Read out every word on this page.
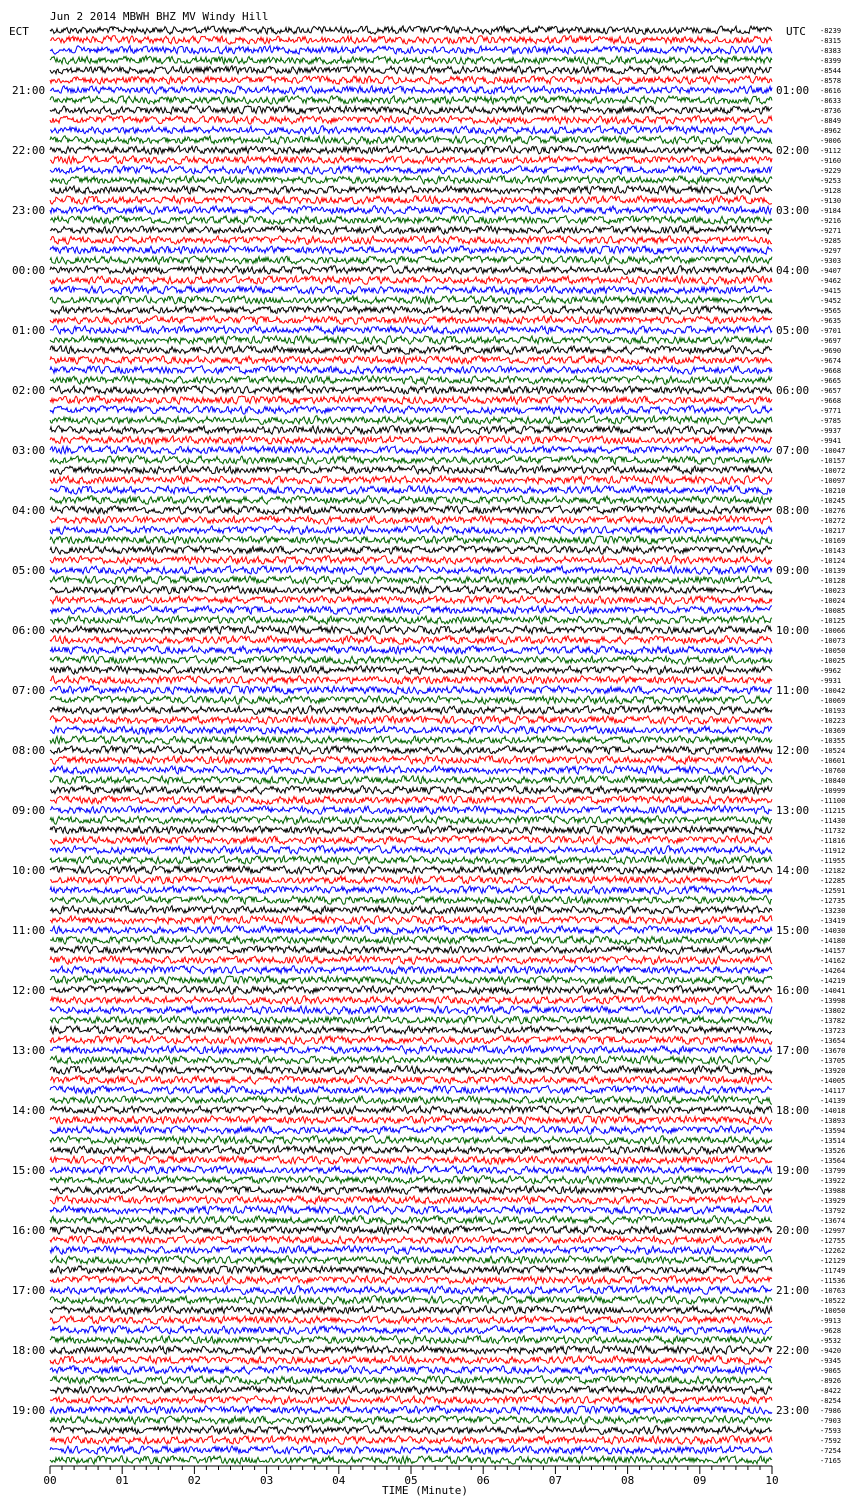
Jun 2 2014 MBWH BHZ MV Windy Hill
ECT	UTC
21:00
22:00
23:00
00:00
01:00
02:00
03:00
04:00
05:00
06:00
07:00
08:00
09:00
10:00
11:00
12:00
13:00
14:00
15:00
16:00
17:00
18:00
19:00
01:00
02:00
03:00
04:00
05:00
06:00
07:00
08:00
09:00
10:00
11:00
12:00
13:00
14:00
15:00
16:00
17:00
18:00
19:00
20:00
21:00
22:00
23:00
-8239
-8315
-8383
-8399
-8544
-8578
-8616
-8633
-8736
-8849
-8962
-9006
-9112
-9160
-9229
-9253
-9128
-9130
-9184
-9216
-9271
-9285
-9297
-9303
-9407
-9462
-9415
-9452
-9565
-9635
-9701
-9697
-9690
-9674
-9668
-9665
-9657
-9668
-9771
-9785
-9937
-9941
-10047
-10157
-10072
-10097
-10210
-10245
-10276
-10272
-10217
-10169
-10143
-10124
-10139
-10128
-10023
-10024
-10085
-10125
-10066
-10073
-10050
-10025
-9962
-9931
-10042
-10069
-10193
-10223
-10369
-10355
-10524
-10601
-10760
-10840
-10999
-11100
-11215
-11430
-11732
-11816
-11912
-11955
-12182
-12285
-12591
-12735
-13230
-13419
-14030
-14180
-14157
-14162
-14264
-14219
-14041
-13998
-13802
-13782
-13723
-13654
-13670
-13705
-13920
-14005
-14117
-14139
-14018
-13893
-13594
-13514
-13526
-13564
-13799
-13922
-13988
-13929
-13792
-13674
-12997
-12755
-12262
-12129
-11749
-11536
-10763
-10522
-10050
-9913
-9628
-9532
-9420
-9345
-9065
-8926
-8422
-8254
-7986
-7903
-7593
-7592
-7254
-7165
00	01	02	03	04	05	06	07	08	09	10
TIME (Minute)
